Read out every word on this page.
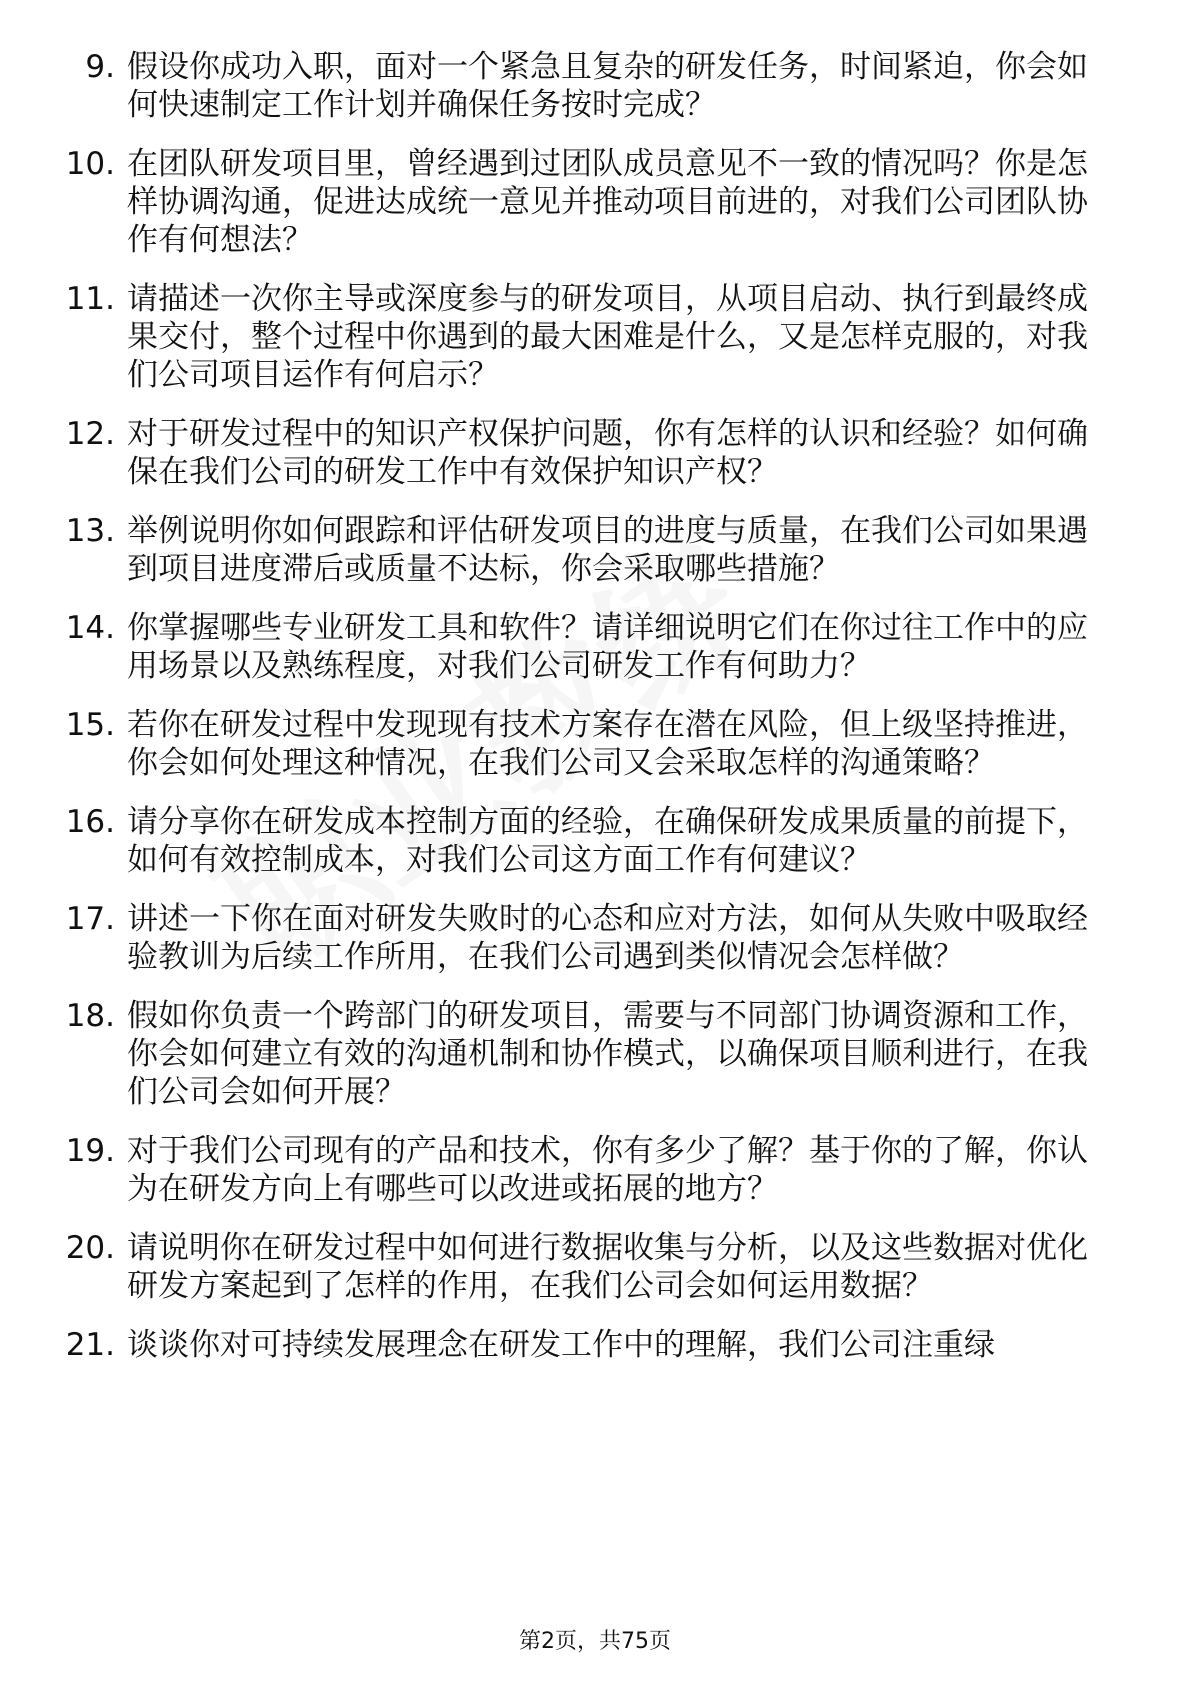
9. 假设你成功入职，面对一个紧急且复杂的研发任务，时间紧迫，你会如何快速制定工作计划并确保任务按时完成？
10. 在团队研发项目里，曾经遇到过团队成员意见不一致的情况吗？你是怎样协调沟通，促进达成统一意见并推动项目前进的，对我们公司团队协作有何想法？
11. 请描述一次你主导或深度参与的研发项目，从项目启动、执行到最终成果交付，整个过程中你遇到的最大困难是什么，又是怎样克服的，对我们公司项目运作有何启示？
12. 对于研发过程中的知识产权保护问题，你有怎样的认识和经验？如何确保在我们公司的研发工作中有效保护知识产权？
13. 举例说明你如何跟踪和评估研发项目的进度与质量，在我们公司如果遇到项目进度滞后或质量不达标，你会采取哪些措施？
14. 你掌握哪些专业研发工具和软件？请详细说明它们在你过往工作中的应用场景以及熟练程度，对我们公司研发工作有何助力？
15. 若你在研发过程中发现现有技术方案存在潜在风险，但上级坚持推进，你会如何处理这种情况，在我们公司又会采取怎样的沟通策略？
16. 请分享你在研发成本控制方面的经验，在确保研发成果质量的前提下，如何有效控制成本，对我们公司这方面工作有何建议？
17. 讲述一下你在面对研发失败时的心态和应对方法，如何从失败中吸取经验教训为后续工作所用，在我们公司遇到类似情况会怎样做？
18. 假如你负责一个跨部门的研发项目，需要与不同部门协调资源和工作，你会如何建立有效的沟通机制和协作模式，以确保项目顺利进行，在我们公司会如何开展？
19. 对于我们公司现有的产品和技术，你有多少了解？基于你的了解，你认为在研发方向上有哪些可以改进或拓展的地方？
20. 请说明你在研发过程中如何进行数据收集与分析，以及这些数据对优化研发方案起到了怎样的作用，在我们公司会如何运用数据？
21. 谈谈你对可持续发展理念在研发工作中的理解，我们公司注重绿
第2页，共75页
